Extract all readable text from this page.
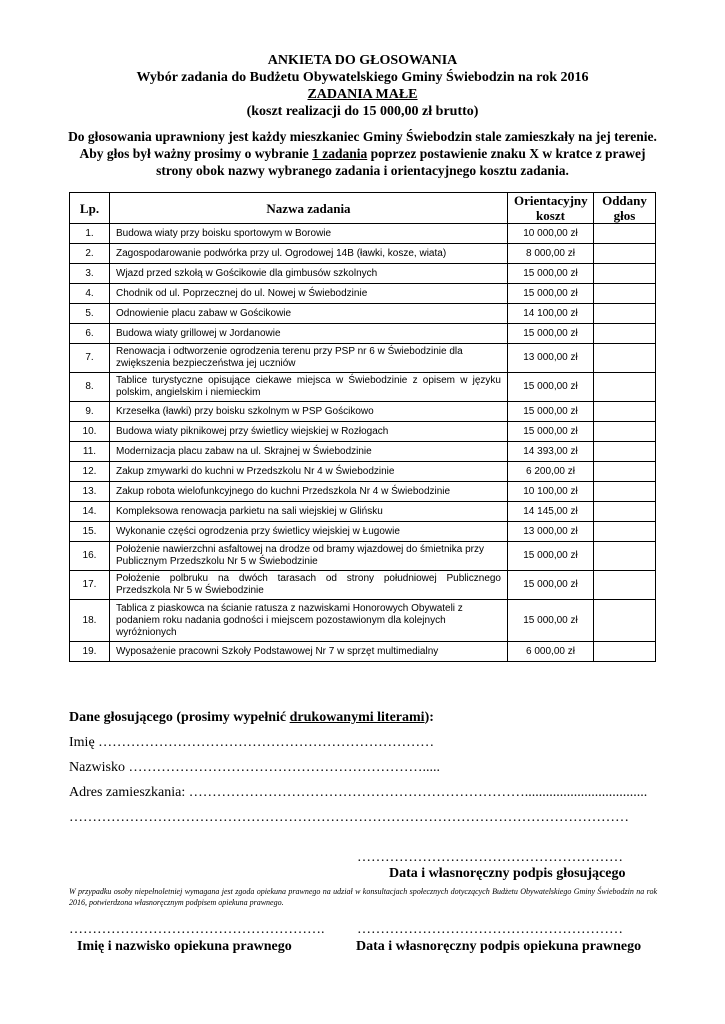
ANKIETA DO GŁOSOWANIA
Wybór zadania do Budżetu Obywatelskiego Gminy Świebodzin na rok 2016
ZADANIA MAŁE
(koszt realizacji do 15 000,00 zł brutto)
Do głosowania uprawniony jest każdy mieszkaniec Gminy Świebodzin stale zamieszkały na jej terenie. Aby głos był ważny prosimy o wybranie 1 zadania poprzez postawienie znaku X w kratce z prawej strony obok nazwy wybranego zadania i orientacyjnego kosztu zadania.
Lp.	Nazwa zadania	Orientacyjny koszt	Oddany głos
1.	Budowa wiaty przy boisku sportowym w Borowie	10 000,00 zł	
2.	Zagospodarowanie podwórka przy ul. Ogrodowej 14B (ławki, kosze, wiata)	8 000,00 zł	
3.	Wjazd przed szkołą w Gościkowie dla gimbusów szkolnych	15 000,00 zł	
4.	Chodnik od ul. Poprzecznej do ul. Nowej w Świebodzinie	15 000,00 zł	
5.	Odnowienie placu zabaw w Gościkowie	14 100,00 zł	
6.	Budowa wiaty grillowej w Jordanowie	15 000,00 zł	
7.	Renowacja i odtworzenie ogrodzenia terenu przy PSP nr 6 w Świebodzinie dla zwiększenia bezpieczeństwa jej uczniów	13 000,00 zł	
8.	Tablice turystyczne opisujące ciekawe miejsca w Świebodzinie z opisem w języku polskim, angielskim i niemieckim	15 000,00 zł	
9.	Krzesełka (ławki) przy boisku szkolnym w PSP Gościkowo	15 000,00 zł	
10.	Budowa wiaty piknikowej przy świetlicy wiejskiej w Rozłogach	15 000,00 zł	
11.	Modernizacja placu zabaw na ul. Skrajnej w Świebodzinie	14 393,00 zł	
12.	Zakup zmywarki do kuchni w Przedszkolu Nr 4 w Świebodzinie	6 200,00 zł	
13.	Zakup robota wielofunkcyjnego do kuchni Przedszkola Nr 4 w Świebodzinie	10 100,00 zł	
14.	Kompleksowa renowacja parkietu na sali wiejskiej w Glińsku	14 145,00 zł	
15.	Wykonanie części ogrodzenia przy świetlicy wiejskiej w Ługowie	13 000,00 zł	
16.	Położenie nawierzchni asfaltowej na drodze od bramy wjazdowej do śmietnika przy Publicznym Przedszkolu Nr 5 w Świebodzinie	15 000,00 zł	
17.	Położenie polbruku na dwóch tarasach od strony południowej Publicznego Przedszkola Nr 5 w Świebodzinie	15 000,00 zł	
18.	Tablica z piaskowca na ścianie ratusza z nazwiskami Honorowych Obywateli z podaniem roku nadania godności i miejscem pozostawionym dla kolejnych wyróżnionych	15 000,00 zł	
19.	Wyposażenie pracowni Szkoły Podstawowej Nr 7 w sprzęt multimedialny	6 000,00 zł	
Dane głosującego (prosimy wypełnić drukowanymi literami):
Imię ………………………………………………………………
Nazwisko ……………………………………………………….....
Adres zamieszkania: ………………………………………………………………...................................
…………………………………………………………………………………………………………
…………………………………………………
Data i własnoręczny podpis głosującego
W przypadku osoby niepełnoletniej wymagana jest zgoda opiekuna prawnego na udział w konsultacjach społecznych dotyczących Budżetu Obywatelskiego Gminy Świebodzin na rok 2016, potwierdzona własnoręcznym podpisem opiekuna prawnego.
……………………………………………….
Imię i nazwisko opiekuna prawnego
…………………………………………………
Data i własnoręczny podpis opiekuna prawnego
